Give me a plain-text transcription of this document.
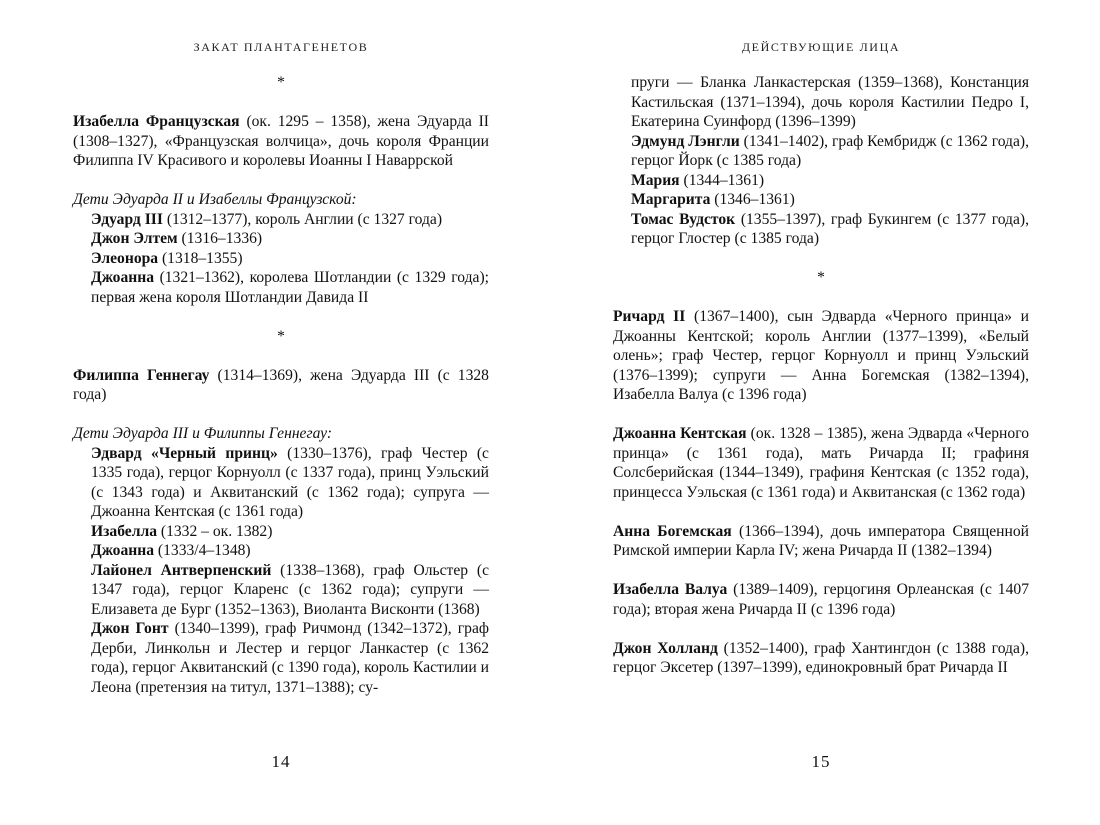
ЗАКАТ ПЛАНТАГЕНЕТОВ

*

Изабелла Французская (ок. 1295 – 1358), жена Эдуарда II (1308–1327), «Французская волчица», дочь короля Франции Филиппа IV Красивого и королевы Иоанны I Наваррской

Дети Эдуарда II и Изабеллы Французской:

Эдуард III (1312–1377), король Англии (с 1327 года)

Джон Элтем (1316–1336)

Элеонора (1318–1355)

Джоанна (1321–1362), королева Шотландии (с 1329 года); первая жена короля Шотландии Давида II

*

Филиппа Геннегау (1314–1369), жена Эдуарда III (с 1328 года)

Дети Эдуарда III и Филиппы Геннегау:

Эдвард «Черный принц» (1330–1376), граф Честер (с 1335 года), герцог Корнуолл (с 1337 года), принц Уэльский (с 1343 года) и Аквитанский (с 1362 года); супруга — Джоанна Кентская (с 1361 года)

Изабелла (1332 – ок. 1382)

Джоанна (1333/4–1348)

Лайонел Антверпенский (1338–1368), граф Ольстер (с 1347 года), герцог Кларенс (с 1362 года); супруги — Елизавета де Бург (1352–1363), Виоланта Висконти (1368)

Джон Гонт (1340–1399), граф Ричмонд (1342–1372), граф Дерби, Линкольн и Лестер и герцог Ланкастер (с 1362 года), герцог Аквитанский (с 1390 года), король Кастилии и Леона (претензия на титул, 1371–1388); су-

14
ДЕЙСТВУЮЩИЕ ЛИЦА

пруги — Бланка Ланкастерская (1359–1368), Констанция Кастильская (1371–1394), дочь короля Кастилии Педро I, Екатерина Суинфорд (1396–1399)

Эдмунд Лэнгли (1341–1402), граф Кембридж (с 1362 года), герцог Йорк (с 1385 года)

Мария (1344–1361)

Маргарита (1346–1361)

Томас Вудсток (1355–1397), граф Букингем (с 1377 года), герцог Глостер (с 1385 года)

*

Ричард II (1367–1400), сын Эдварда «Черного принца» и Джоанны Кентской; король Англии (1377–1399), «Белый олень»; граф Честер, герцог Корнуолл и принц Уэльский (1376–1399); супруги — Анна Богемская (1382–1394), Изабелла Валуа (с 1396 года)

Джоанна Кентская (ок. 1328 – 1385), жена Эдварда «Черного принца» (с 1361 года), мать Ричарда II; графиня Солсберийская (1344–1349), графиня Кентская (с 1352 года), принцесса Уэльская (с 1361 года) и Аквитанская (с 1362 года)

Анна Богемская (1366–1394), дочь императора Священной Римской империи Карла IV; жена Ричарда II (1382–1394)

Изабелла Валуа (1389–1409), герцогиня Орлеанская (с 1407 года); вторая жена Ричарда II (с 1396 года)

Джон Холланд (1352–1400), граф Хантингдон (с 1388 года), герцог Эксетер (1397–1399), единокровный брат Ричарда II

15
